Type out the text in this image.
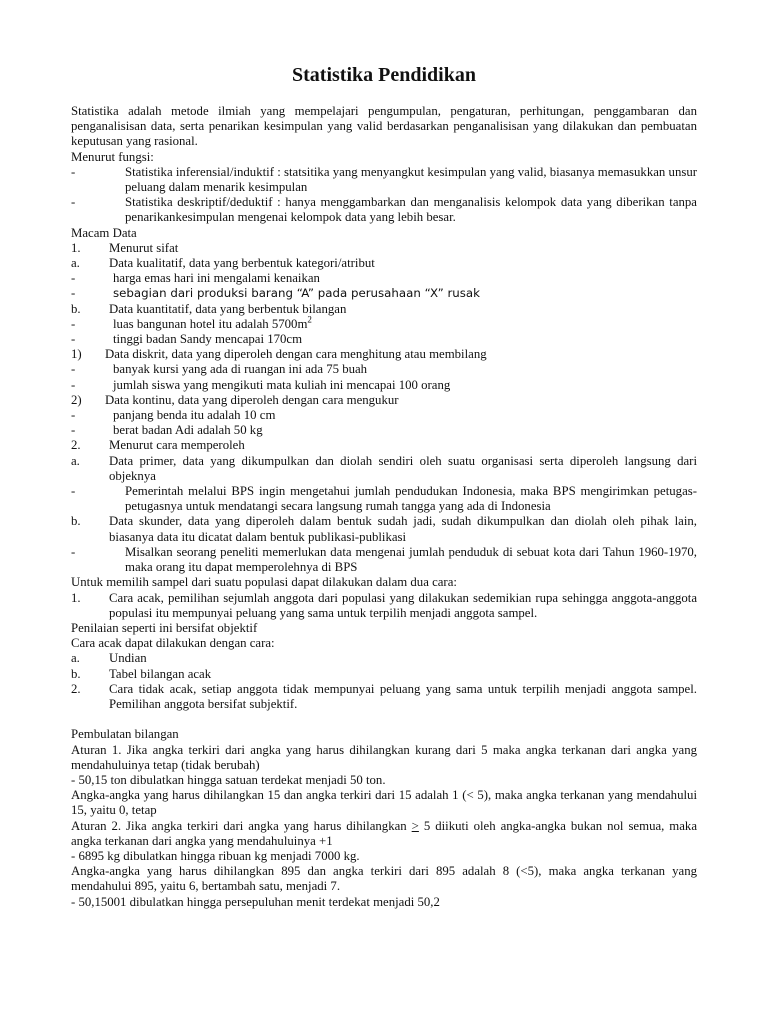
Statistika Pendidikan

Statistika adalah metode ilmiah yang mempelajari pengumpulan, pengaturan, perhitungan, penggambaran dan penganalisisan data, serta penarikan kesimpulan yang valid berdasarkan penganalisisan yang dilakukan dan pembuatan keputusan yang rasional.

Menurut fungsi:

-	Statistika inferensial/induktif : statsitika yang menyangkut kesimpulan yang valid, biasanya memasukkan unsur peluang dalam menarik kesimpulan
-	Statistika deskriptif/deduktif : hanya menggambarkan dan menganalisis kelompok data yang diberikan tanpa penarikankesimpulan mengenai kelompok data yang lebih besar.

Macam Data

1.	Menurut sifat
a.	Data kualitatif, data yang berbentuk kategori/atribut
-	harga emas hari ini mengalami kenaikan
-	sebagian dari produksi barang “A” pada perusahaan “X” rusak
b.	Data kuantitatif, data yang berbentuk bilangan
-	luas bangunan hotel itu adalah $5700m^2$
-	tinggi badan Sandy mencapai 170cm
1)	Data diskrit, data yang diperoleh dengan cara menghitung atau membilang
-	banyak kursi yang ada di ruangan ini ada 75 buah
-	jumlah siswa yang mengikuti mata kuliah ini mencapai 100 orang
2)	Data kontinu, data yang diperoleh dengan cara mengukur
-	panjang benda itu adalah 10 cm
-	berat badan Adi adalah 50 kg
2.	Menurut cara memperoleh
a.	Data primer, data yang dikumpulkan dan diolah sendiri oleh suatu organisasi serta diperoleh langsung dari objeknya
-	Pemerintah melalui BPS ingin mengetahui jumlah pendudukan Indonesia, maka BPS mengirimkan petugas-petugasnya untuk mendatangi secara langsung rumah tangga yang ada di Indonesia
b.	Data skunder, data yang diperoleh dalam bentuk sudah jadi, sudah dikumpulkan dan diolah oleh pihak lain, biasanya data itu dicatat dalam bentuk publikasi-publikasi
-	Misalkan seorang peneliti memerlukan data mengenai jumlah penduduk di sebuat kota dari Tahun 1960-1970, maka orang itu dapat memperolehnya di BPS

Untuk memilih sampel dari suatu populasi dapat dilakukan dalam dua cara:

1.	Cara acak, pemilihan sejumlah anggota dari populasi yang dilakukan sedemikian rupa sehingga anggota-anggota populasi itu mempunyai peluang yang sama untuk terpilih menjadi anggota sampel.

Penilaian seperti ini bersifat objektif

Cara acak dapat dilakukan dengan cara:

a.	Undian
b.	Tabel bilangan acak
2.	Cara tidak acak, setiap anggota tidak mempunyai peluang yang sama untuk terpilih menjadi anggota sampel. Pemilihan anggota bersifat subjektif.

Pembulatan bilangan

Aturan 1. Jika angka terkiri dari angka yang harus dihilangkan kurang dari 5 maka angka terkanan dari angka yang mendahuluinya tetap (tidak berubah)

- 50,15 ton dibulatkan hingga satuan terdekat menjadi 50 ton.

Angka-angka yang harus dihilangkan 15 dan angka terkiri dari 15 adalah 1 (< 5), maka angka terkanan yang mendahului 15, yaitu 0, tetap

Aturan 2. Jika angka terkiri dari angka yang harus dihilangkan ≥ 5 diikuti oleh angka-angka bukan nol semua, maka angka terkanan dari angka yang mendahuluinya +1

- 6895 kg dibulatkan hingga ribuan kg menjadi 7000 kg.

Angka-angka yang harus dihilangkan 895 dan angka terkiri dari 895 adalah 8 (<5), maka angka terkanan yang mendahului 895, yaitu 6, bertambah satu, menjadi 7.

- 50,15001 dibulatkan hingga persepuluhan menit terdekat menjadi 50,2
